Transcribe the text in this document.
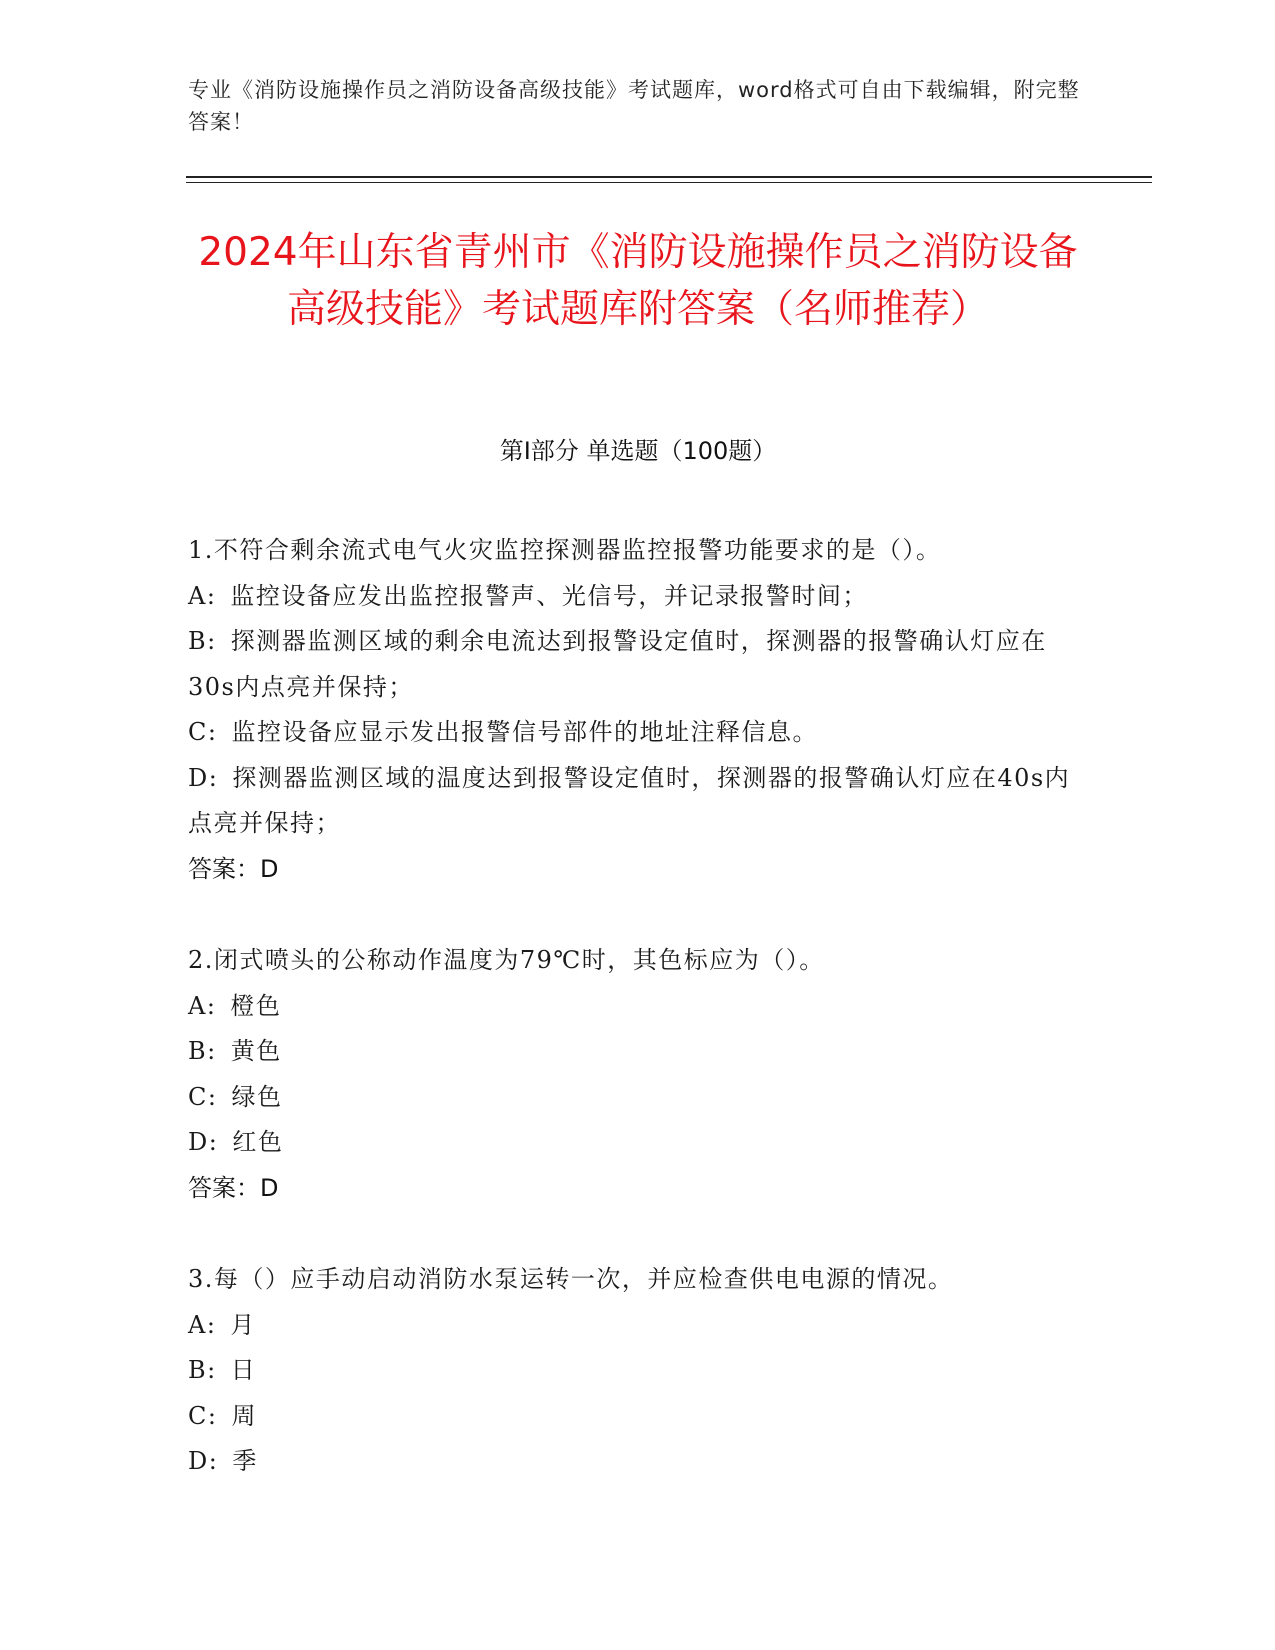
专业《消防设施操作员之消防设备高级技能》考试题库，word格式可自由下载编辑，附完整答案！
2024年山东省青州市《消防设施操作员之消防设备高级技能》考试题库附答案（名师推荐）
第I部分 单选题（100题）
1.不符合剩余流式电气火灾监控探测器监控报警功能要求的是（）。
A: 监控设备应发出监控报警声、光信号，并记录报警时间；
B: 探测器监测区域的剩余电流达到报警设定值时，探测器的报警确认灯应在30s内点亮并保持；
C: 监控设备应显示发出报警信号部件的地址注释信息。
D: 探测器监测区域的温度达到报警设定值时，探测器的报警确认灯应在40s内点亮并保持；
答案：D
2.闭式喷头的公称动作温度为79℃时，其色标应为（）。
A: 橙色
B: 黄色
C: 绿色
D: 红色
答案：D
3.每（）应手动启动消防水泵运转一次，并应检查供电电源的情况。
A: 月
B: 日
C: 周
D: 季
